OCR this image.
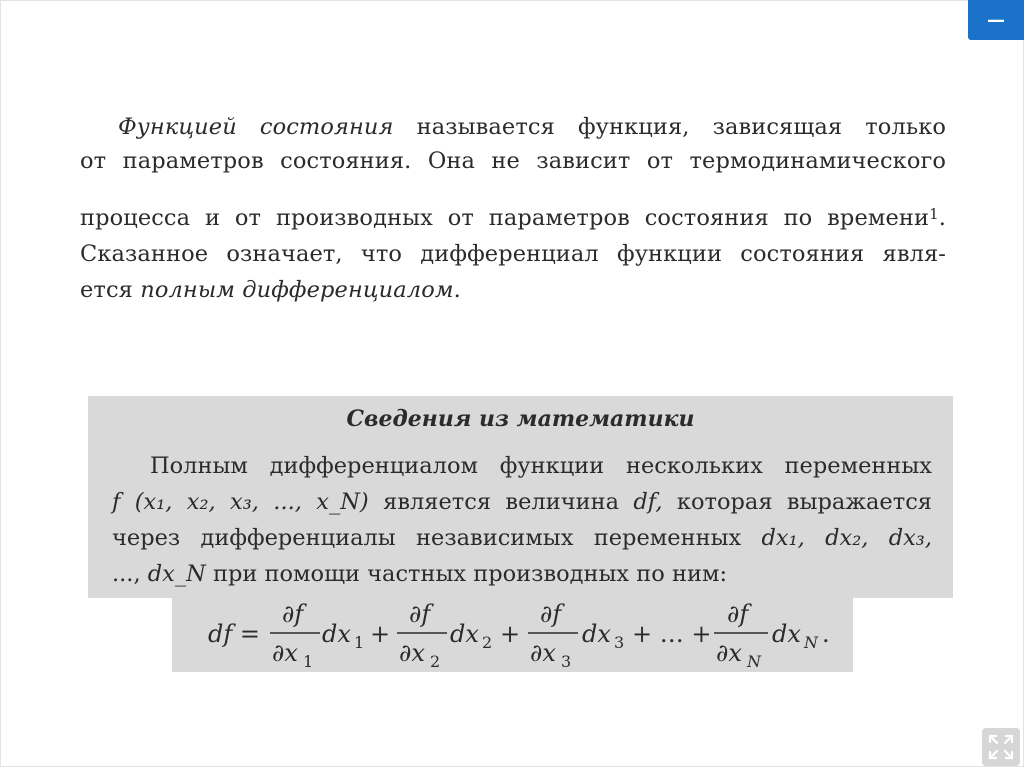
—
Функцией состояния называется функция, зависящая только
от параметров состояния. Она не зависит от термодинамического
процесса и от производных от параметров состояния по времени$^1$.
Сказанное означает, что дифференциал функции состояния явля-
ется полным дифференциалом.
Сведения из математики
Полным дифференциалом функции нескольких переменных
f (x₁, x₂, x₃, ..., x_N) является величина df, которая выражается
через дифференциалы независимых переменных dx₁, dx₂, dx₃,
..., dx_N при помощи частных производных по ним:
df =
∂f
∂x 1
dx 1 +
∂f
∂x 2
dx 2 +
∂f
∂x 3
dx 3 + … +
∂f
∂x N
dx N .
